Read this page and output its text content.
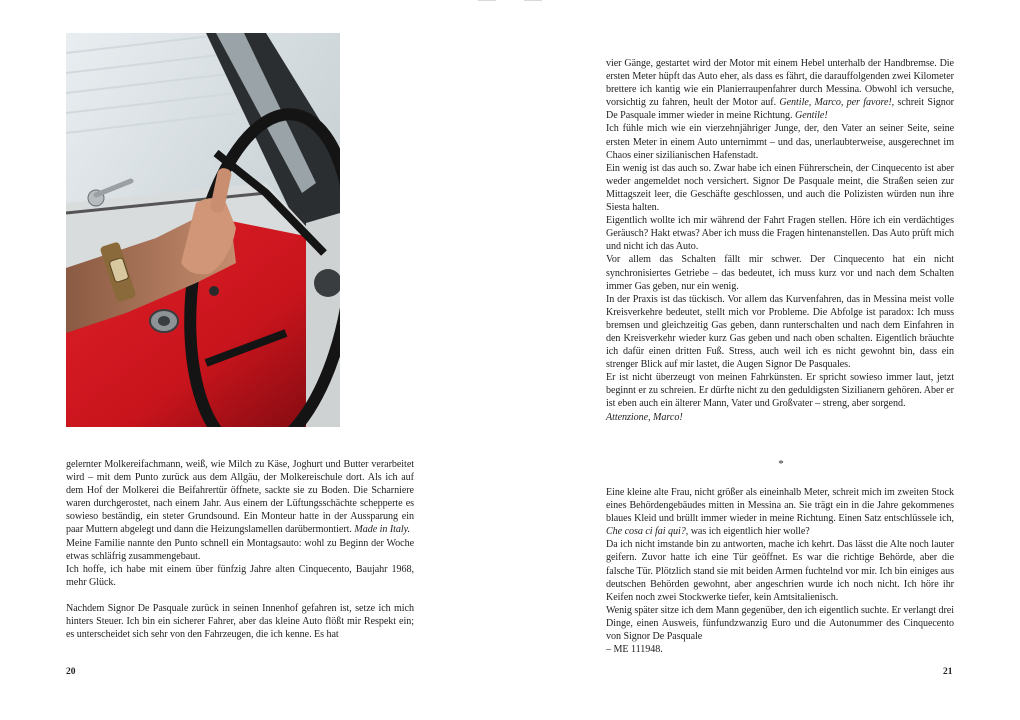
gelernter Molkereifachmann, weiß, wie Milch zu Käse, Joghurt und Butter verarbeitet wird – mit dem Punto zurück aus dem Allgäu, der Molkereischule dort. Als ich auf dem Hof der Molkerei die Beifahrertür öffnete, sackte sie zu Boden. Die Scharniere waren durchgerostet, nach einem Jahr. Aus einem der Lüftungsschächte schepperte es sowieso beständig, ein steter Grundsound. Ein Monteur hatte in der Aussparung ein paar Muttern abgelegt und dann die Heizungslamellen darübermontiert. Made in Italy.

Meine Familie nannte den Punto schnell ein Montagsauto: wohl zu Beginn der Woche etwas schläfrig zusammengebaut.

Ich hoffe, ich habe mit einem über fünfzig Jahre alten Cinquecento, Baujahr 1968, mehr Glück.

Nachdem Signor De Pasquale zurück in seinen Innenhof gefahren ist, setze ich mich hinters Steuer. Ich bin ein sicherer Fahrer, aber das kleine Auto flößt mir Respekt ein; es unterscheidet sich sehr von den Fahrzeugen, die ich kenne. Es hat

20

vier Gänge, gestartet wird der Motor mit einem Hebel unterhalb der Handbremse. Die ersten Meter hüpft das Auto eher, als dass es fährt, die darauffolgenden zwei Kilometer brettere ich kantig wie ein Planierraupenfahrer durch Messina. Obwohl ich versuche, vorsichtig zu fahren, heult der Motor auf. Gentile, Marco, per favore!, schreit Signor De Pasquale immer wieder in meine Richtung. Gentile!

Ich fühle mich wie ein vierzehnjähriger Junge, der, den Vater an seiner Seite, seine ersten Meter in einem Auto unternimmt – und das, unerlaubterweise, ausgerechnet im Chaos einer sizilianischen Hafenstadt.

Ein wenig ist das auch so. Zwar habe ich einen Führerschein, der Cinquecento ist aber weder angemeldet noch versichert. Signor De Pasquale meint, die Straßen seien zur Mittagszeit leer, die Geschäfte geschlossen, und auch die Polizisten würden nun ihre Siesta halten.

Eigentlich wollte ich mir während der Fahrt Fragen stellen. Höre ich ein verdächtiges Geräusch? Hakt etwas? Aber ich muss die Fragen hintenanstellen. Das Auto prüft mich und nicht ich das Auto.

Vor allem das Schalten fällt mir schwer. Der Cinquecento hat ein nicht synchronisiertes Getriebe – das bedeutet, ich muss kurz vor und nach dem Schalten immer Gas geben, nur ein wenig.

In der Praxis ist das tückisch. Vor allem das Kurvenfahren, das in Messina meist volle Kreisverkehre bedeutet, stellt mich vor Probleme. Die Abfolge ist paradox: Ich muss bremsen und gleichzeitig Gas geben, dann runterschalten und nach dem Einfahren in den Kreisverkehr wieder kurz Gas geben und nach oben schalten. Eigentlich bräuchte ich dafür einen dritten Fuß. Stress, auch weil ich es nicht gewohnt bin, dass ein strenger Blick auf mir lastet, die Augen Signor De Pasquales.

Er ist nicht überzeugt von meinen Fahrkünsten. Er spricht sowieso immer laut, jetzt beginnt er zu schreien. Er dürfte nicht zu den geduldigsten Sizilianern gehören. Aber er ist eben auch ein älterer Mann, Vater und Großvater – streng, aber sorgend.

Attenzione, Marco!

*

Eine kleine alte Frau, nicht größer als eineinhalb Meter, schreit mich im zweiten Stock eines Behördengebäudes mitten in Messina an. Sie trägt ein in die Jahre gekommenes blaues Kleid und brüllt immer wieder in meine Richtung. Einen Satz entschlüssele ich, Che cosa ci fai qui?, was ich eigentlich hier wolle?

Da ich nicht imstande bin zu antworten, mache ich kehrt. Das lässt die Alte noch lauter geifern. Zuvor hatte ich eine Tür geöffnet. Es war die richtige Behörde, aber die falsche Tür. Plötzlich stand sie mit beiden Armen fuchtelnd vor mir. Ich bin einiges aus deutschen Behörden gewohnt, aber angeschrien wurde ich noch nicht. Ich höre ihr Keifen noch zwei Stockwerke tiefer, kein Amtsitalienisch.

Wenig später sitze ich dem Mann gegenüber, den ich eigentlich suchte. Er verlangt drei Dinge, einen Ausweis, fünfundzwanzig Euro und die Autonummer des Cinquecento von Signor De Pasquale

– ME 111948.

21
